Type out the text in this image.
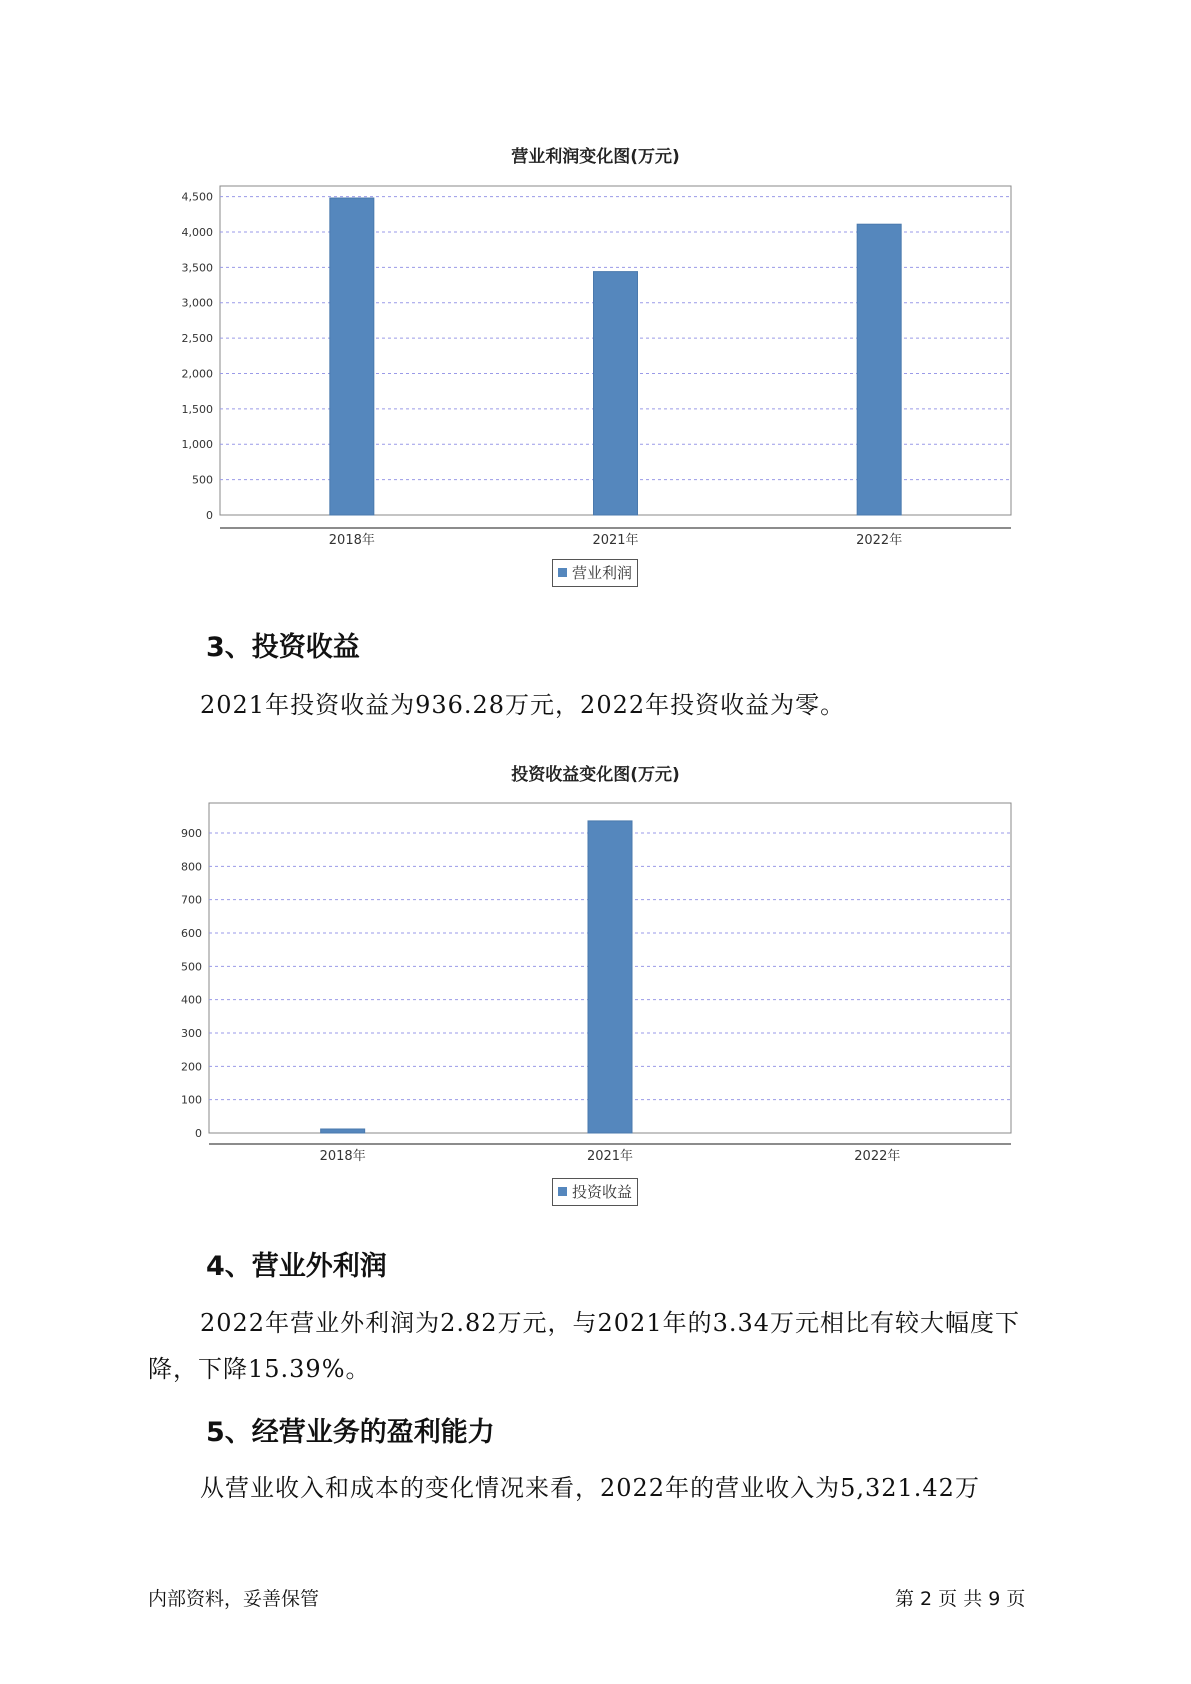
营业利润变化图(万元)
0
500
1,000
1,500
2,000
2,500
3,000
3,500
4,000
4,500
2018年	2021年	2022年
营业利润
3、投资收益
2021年投资收益为936.28万元，2022年投资收益为零。
投资收益变化图(万元)
0
100
200
300
400
500
600
700
800
900
2018年	2021年	2022年
投资收益
4、营业外利润
2022年营业外利润为2.82万元，与2021年的3.34万元相比有较大幅度下降，下降15.39%。
5、经营业务的盈利能力
从营业收入和成本的变化情况来看，2022年的营业收入为5,321.42万
内部资料，妥善保管	第 2 页 共 9 页
